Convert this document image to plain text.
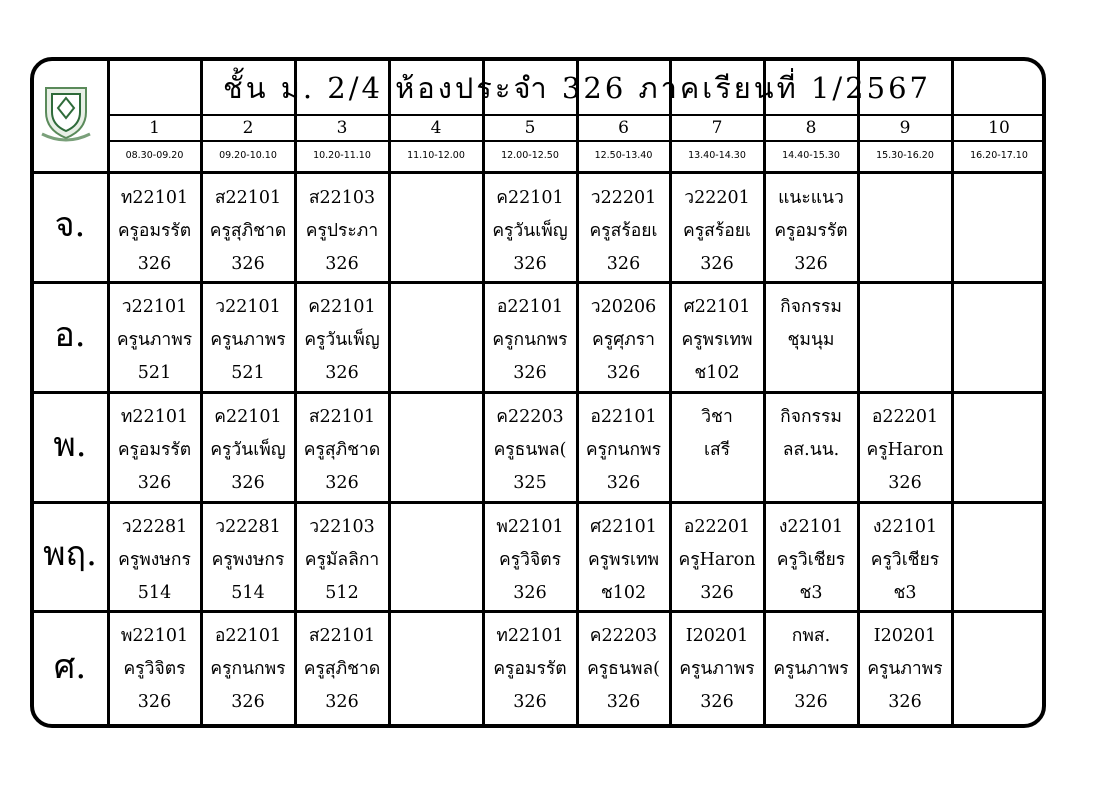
ชั้น ม. 2/4 ห้องประจำ 326 ภาคเรียนที่ 1/2567
1
08.30-09.20
2
09.20-10.10
3
10.20-11.10
4
11.10-12.00
5
12.00-12.50
6
12.50-13.40
7
13.40-14.30
8
14.40-15.30
9
15.30-16.20
10
16.20-17.10
จ.
ท22101
ครูอมรรัต
326
ส22101
ครูสุภิชาด
326
ส22103
ครูประภา
326
ค22101
ครูวันเพ็ญ
326
ว22201
ครูสร้อยเ
326
ว22201
ครูสร้อยเ
326
แนะแนว
ครูอมรรัต
326
อ.
ว22101
ครูนภาพร
521
ว22101
ครูนภาพร
521
ค22101
ครูวันเพ็ญ
326
อ22101
ครูกนกพร
326
ว20206
ครูศุภรา
326
ศ22101
ครูพรเทพ
ช102
กิจกรรม
ชุมนุม
พ.
ท22101
ครูอมรรัต
326
ค22101
ครูวันเพ็ญ
326
ส22101
ครูสุภิชาด
326
ค22203
ครูธนพล(
325
อ22101
ครูกนกพร
326
วิชา
เสรี
กิจกรรม
ลส.นน.
อ22201
ครูHaron
326
พฤ.
ว22281
ครูพงษกร
514
ว22281
ครูพงษกร
514
ว22103
ครูมัลลิกา
512
พ22101
ครูวิจิตร
326
ศ22101
ครูพรเทพ
ช102
อ22201
ครูHaron
326
ง22101
ครูวิเชียร
ช3
ง22101
ครูวิเชียร
ช3
ศ.
พ22101
ครูวิจิตร
326
อ22101
ครูกนกพร
326
ส22101
ครูสุภิชาด
326
ท22101
ครูอมรรัต
326
ค22203
ครูธนพล(
326
I20201
ครูนภาพร
326
กพส.
ครูนภาพร
326
I20201
ครูนภาพร
326
